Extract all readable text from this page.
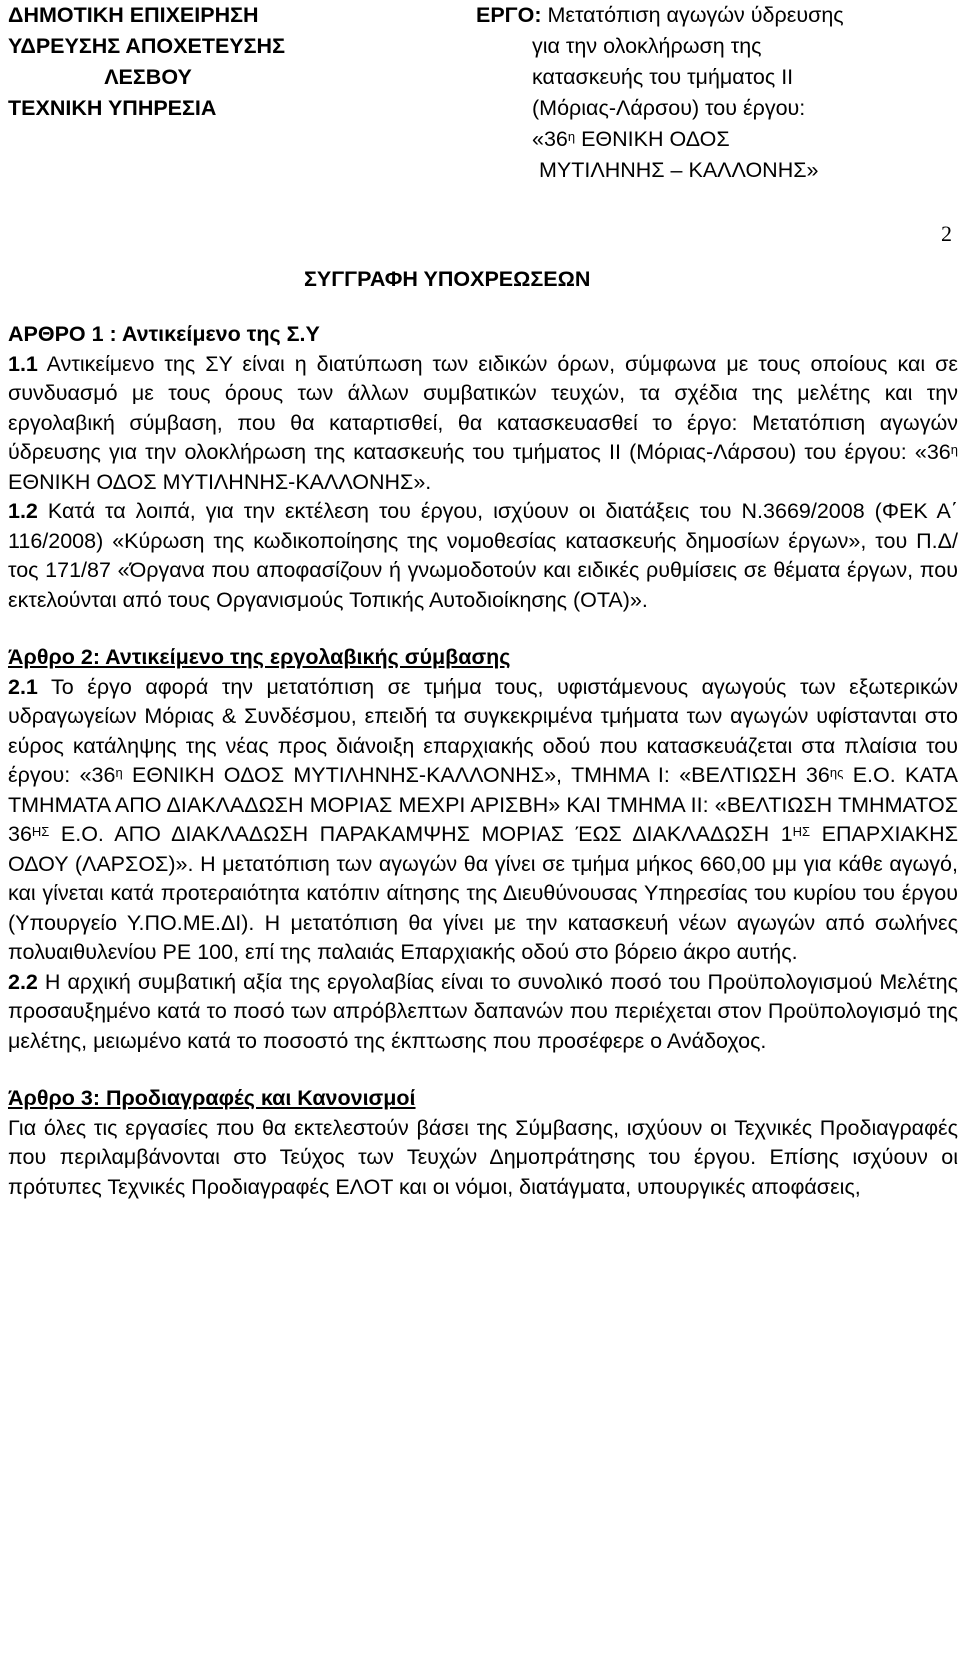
ΔΗΜΟΤΙΚΗ ΕΠΙΧΕΙΡΗΣΗ
ΥΔΡΕΥΣΗΣ ΑΠΟΧΕΤΕΥΣΗΣ
ΛΕΣΒΟΥ
ΤΕΧΝΙΚΗ ΥΠΗΡΕΣΙΑ
ΕΡΓΟ: Μετατόπιση αγωγών ύδρευσης
για την ολοκλήρωση της
κατασκευής του τμήματος ΙΙ
(Μόριας-Λάρσου) του έργου:
«$36^\eta$ ΕΘΝΙΚΗ ΟΔΟΣ
ΜΥΤΙΛΗΝΗΣ – ΚΑΛΛΟΝΗΣ»
ΣΥΓΓΡΑΦΗ ΥΠΟΧΡΕΩΣΕΩΝ
ΑΡΘΡΟ 1 : Αντικείμενο της Σ.Υ

1.1 Αντικείμενο της ΣΥ είναι η διατύπωση των ειδικών όρων, σύμφωνα με τους οποίους και σε συνδυασμό με τους όρους των άλλων συμβατικών τευχών, τα σχέδια της μελέτης και την εργολαβική σύμβαση, που θα καταρτισθεί, θα κατασκευασθεί το έργο: Μετατόπιση αγωγών ύδρευσης για την ολοκλήρωση της κατασκευής του τμήματος ΙΙ (Μόριας-Λάρσου) του έργου: «$36^\eta$ ΕΘΝΙΚΗ ΟΔΟΣ ΜΥΤΙΛΗΝΗΣ-ΚΑΛΛΟΝΗΣ».

1.2 Κατά τα λοιπά, για την εκτέλεση του έργου, ισχύουν οι διατάξεις του Ν.3669/2008 (ΦΕΚ Α΄ 116/2008) «Κύρωση της κωδικοποίησης της νομοθεσίας κατασκευής δημοσίων έργων», του Π.Δ/τος 171/87 «Όργανα που αποφασίζουν ή γνωμοδοτούν και ειδικές ρυθμίσεις σε θέματα έργων, που εκτελούνται από τους Οργανισμούς Τοπικής Αυτοδιοίκησης (ΟΤΑ)».

Άρθρο 2: Αντικείμενο της εργολαβικής σύμβασης

2.1 Το έργο αφορά την μετατόπιση σε τμήμα τους, υφιστάμενους αγωγούς των εξωτερικών υδραγωγείων Μόριας & Συνδέσμου, επειδή τα συγκεκριμένα τμήματα των αγωγών υφίστανται στο εύρος κατάληψης της νέας προς διάνοιξη επαρχιακής οδού που κατασκευάζεται στα πλαίσια του έργου: «$36^\eta$ ΕΘΝΙΚΗ ΟΔΟΣ ΜΥΤΙΛΗΝΗΣ-ΚΑΛΛΟΝΗΣ», ΤΜΗΜΑ Ι: «ΒΕΛΤΙΩΣΗ $36^{\eta\varsigma}$ Ε.Ο. ΚΑΤΑ ΤΜΗΜΑΤΑ ΑΠΟ ΔΙΑΚΛΑΔΩΣΗ ΜΟΡΙΑΣ ΜΕΧΡΙ ΑΡΙΣΒΗ» ΚΑΙ ΤΜΗΜΑ ΙΙ: «ΒΕΛΤΙΩΣΗ ΤΜΗΜΑΤΟΣ $36^{H\Sigma}$ Ε.Ο. ΑΠΟ ΔΙΑΚΛΑΔΩΣΗ ΠΑΡΑΚΑΜΨΗΣ ΜΟΡΙΑΣ ΈΩΣ ΔΙΑΚΛΑΔΩΣΗ $1^{H\Sigma}$ ΕΠΑΡΧΙΑΚΗΣ ΟΔΟΥ (ΛΑΡΣΟΣ)». Η μετατόπιση των αγωγών θα γίνει σε τμήμα μήκος 660,00 μμ για κάθε αγωγό, και γίνεται κατά προτεραιότητα κατόπιν αίτησης της Διευθύνουσας Υπηρεσίας του κυρίου του έργου (Υπουργείο Υ.ΠΟ.ΜΕ.ΔΙ). Η μετατόπιση θα γίνει με την κατασκευή νέων αγωγών από σωλήνες πολυαιθυλενίου PE 100, επί της παλαιάς Επαρχιακής οδού στο βόρειο άκρο αυτής.

2.2 Η αρχική συμβατική αξία της εργολαβίας είναι το συνολικό ποσό του Προϋπολογισμού Μελέτης προσαυξημένο κατά το ποσό των απρόβλεπτων δαπανών που περιέχεται στον Προϋπολογισμό της μελέτης, μειωμένο κατά το ποσοστό της έκπτωσης που προσέφερε ο Ανάδοχος.

Άρθρο 3: Προδιαγραφές και Κανονισμοί

Για όλες τις εργασίες που θα εκτελεστούν βάσει της Σύμβασης, ισχύουν οι Τεχνικές Προδιαγραφές που περιλαμβάνονται στο Τεύχος των Τευχών Δημοπράτησης του έργου. Επίσης ισχύουν οι πρότυπες Τεχνικές Προδιαγραφές ΕΛΟΤ και οι νόμοι, διατάγματα, υπουργικές αποφάσεις,

2
